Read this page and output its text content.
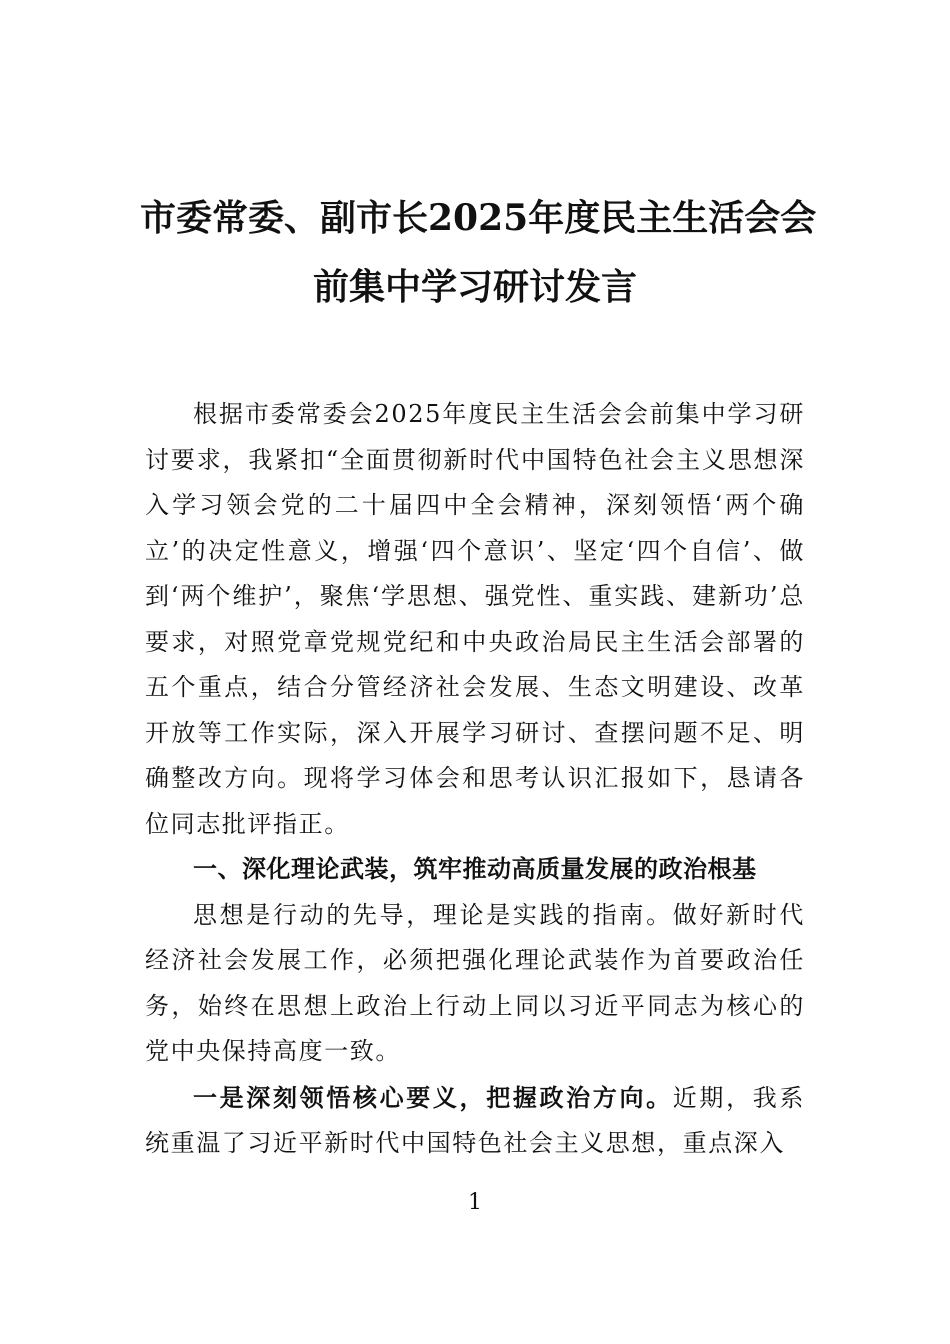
市委常委、副市长2025年度民主生活会会
前集中学习研讨发言

根据市委常委会2025年度民主生活会会前集中学习研讨要求，我紧扣“全面贯彻新时代中国特色社会主义思想深入学习领会党的二十届四中全会精神，深刻领悟‘两个确立’的决定性意义，增强‘四个意识’、坚定‘四个自信’、做到‘两个维护’，聚焦‘学思想、强党性、重实践、建新功’总要求，对照党章党规党纪和中央政治局民主生活会部署的五个重点，结合分管经济社会发展、生态文明建设、改革开放等工作实际，深入开展学习研讨、查摆问题不足、明确整改方向。现将学习体会和思考认识汇报如下，恳请各位同志批评指正。

一、深化理论武装，筑牢推动高质量发展的政治根基

思想是行动的先导，理论是实践的指南。做好新时代经济社会发展工作，必须把强化理论武装作为首要政治任务，始终在思想上政治上行动上同以习近平同志为核心的党中央保持高度一致。

一是深刻领悟核心要义，把握政治方向。近期，我系统重温了习近平新时代中国特色社会主义思想，重点深入

1
